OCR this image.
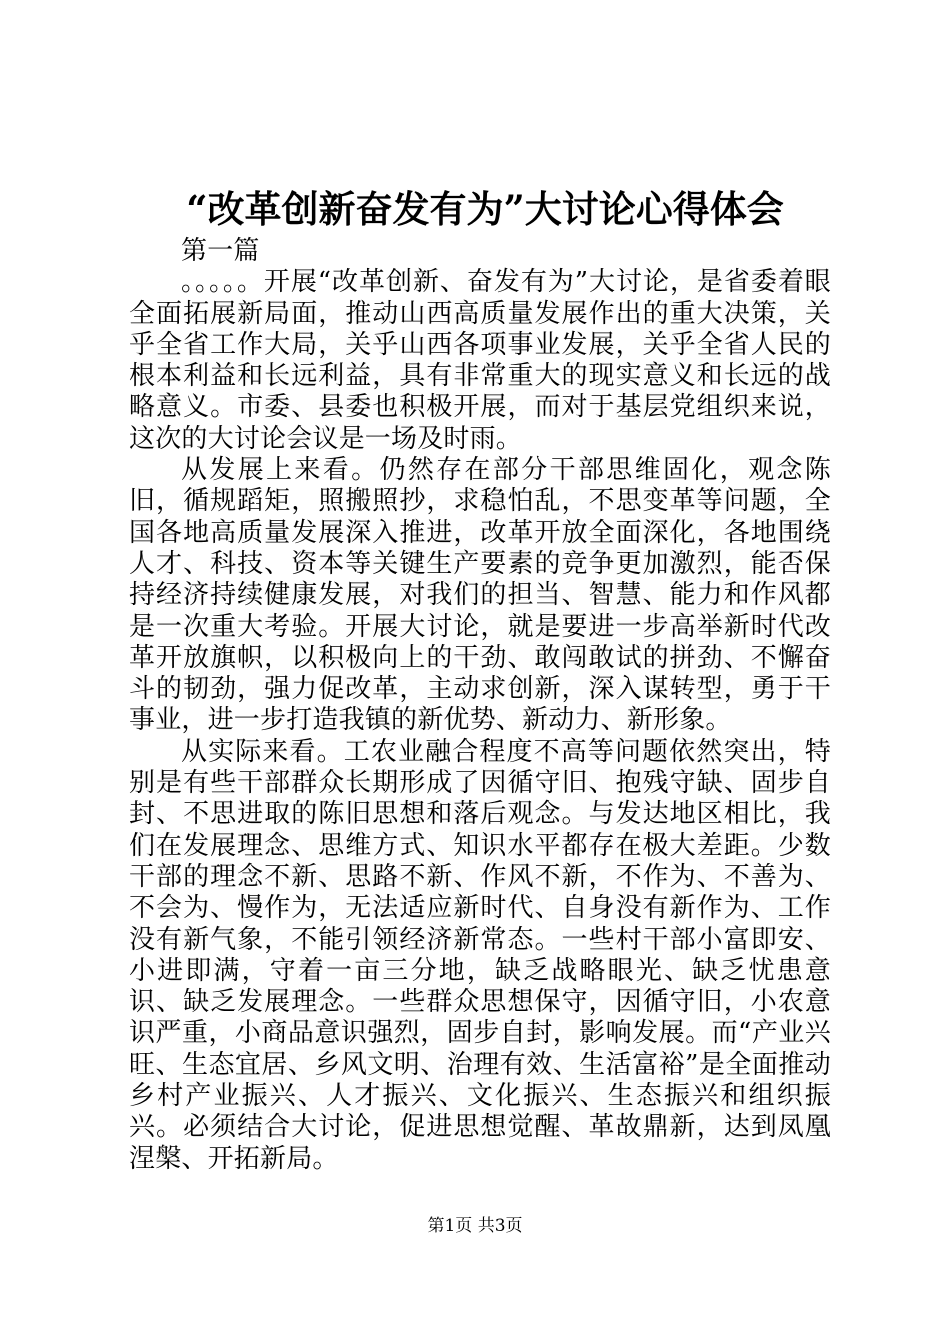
“改革创新奋发有为”大讨论心得体会

第一篇

。。。。。开展“改革创新、奋发有为”大讨论，是省委着眼全面拓展新局面，推动山西高质量发展作出的重大决策，关乎全省工作大局，关乎山西各项事业发展，关乎全省人民的根本利益和长远利益，具有非常重大的现实意义和长远的战略意义。市委、县委也积极开展，而对于基层党组织来说，这次的大讨论会议是一场及时雨。

从发展上来看。仍然存在部分干部思维固化，观念陈旧，循规蹈矩，照搬照抄，求稳怕乱，不思变革等问题，全国各地高质量发展深入推进，改革开放全面深化，各地围绕人才、科技、资本等关键生产要素的竞争更加激烈，能否保持经济持续健康发展，对我们的担当、智慧、能力和作风都是一次重大考验。开展大讨论，就是要进一步高举新时代改革开放旗帜，以积极向上的干劲、敢闯敢试的拼劲、不懈奋斗的韧劲，强力促改革，主动求创新，深入谋转型，勇于干事业，进一步打造我镇的新优势、新动力、新形象。

从实际来看。工农业融合程度不高等问题依然突出，特别是有些干部群众长期形成了因循守旧、抱残守缺、固步自封、不思进取的陈旧思想和落后观念。与发达地区相比，我们在发展理念、思维方式、知识水平都存在极大差距。少数干部的理念不新、思路不新、作风不新，不作为、不善为、不会为、慢作为，无法适应新时代、自身没有新作为、工作没有新气象，不能引领经济新常态。一些村干部小富即安、小进即满，守着一亩三分地，缺乏战略眼光、缺乏忧患意识、缺乏发展理念。一些群众思想保守，因循守旧，小农意识严重，小商品意识强烈，固步自封，影响发展。而“产业兴旺、生态宜居、乡风文明、治理有效、生活富裕”是全面推动乡村产业振兴、人才振兴、文化振兴、生态振兴和组织振兴。必须结合大讨论，促进思想觉醒、革故鼎新，达到凤凰涅槃、开拓新局。

第1页 共3页
